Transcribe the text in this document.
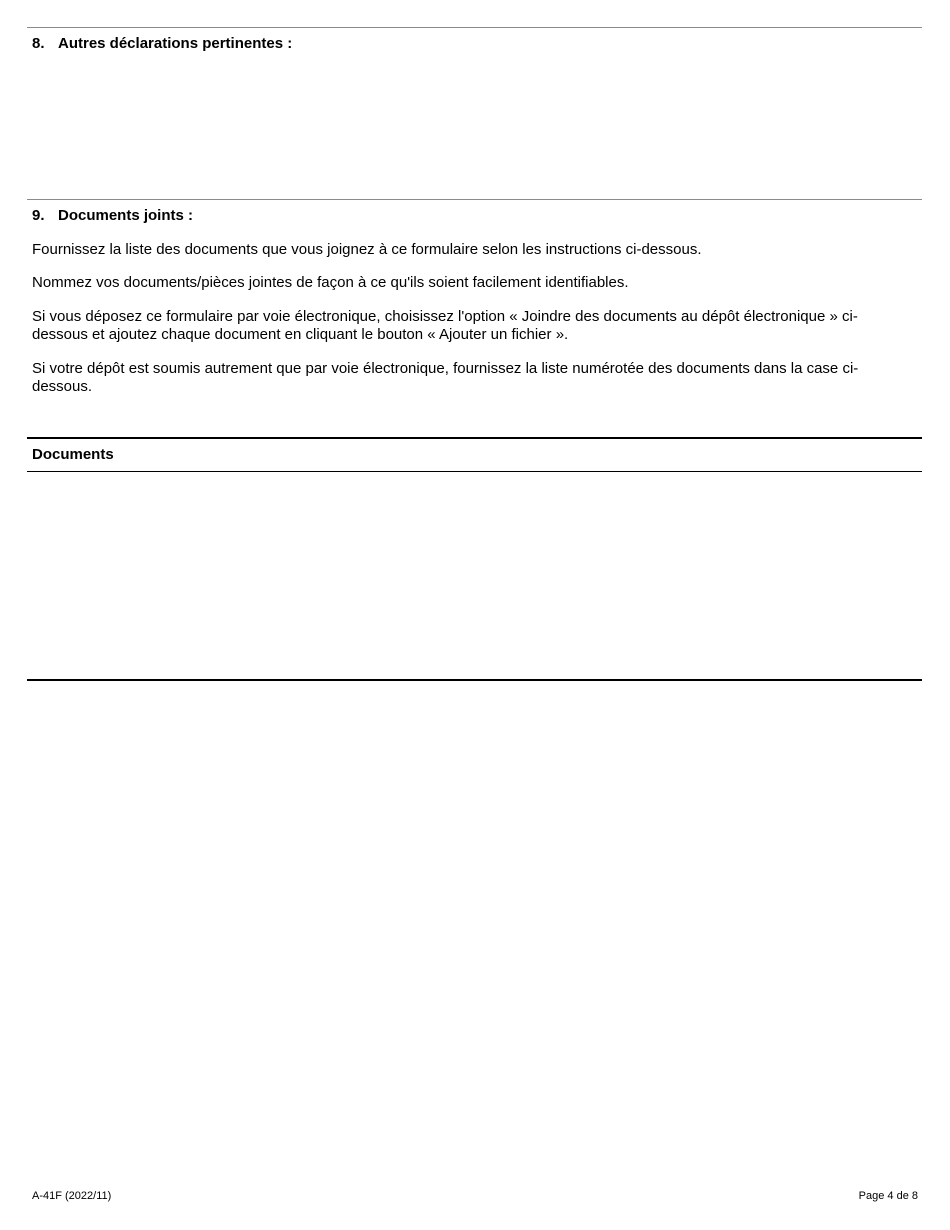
8. Autres déclarations pertinentes :
9. Documents joints :
Fournissez la liste des documents que vous joignez à ce formulaire selon les instructions ci-dessous.
Nommez vos documents/pièces jointes de façon à ce qu'ils soient facilement identifiables.
Si vous déposez ce formulaire par voie électronique, choisissez l'option « Joindre des documents au dépôt électronique » ci-dessous et ajoutez chaque document en cliquant le bouton « Ajouter un fichier ».
Si votre dépôt est soumis autrement que par voie électronique, fournissez la liste numérotée des documents dans la case ci-dessous.
Documents
A-41F (2022/11)	Page 4 de 8
